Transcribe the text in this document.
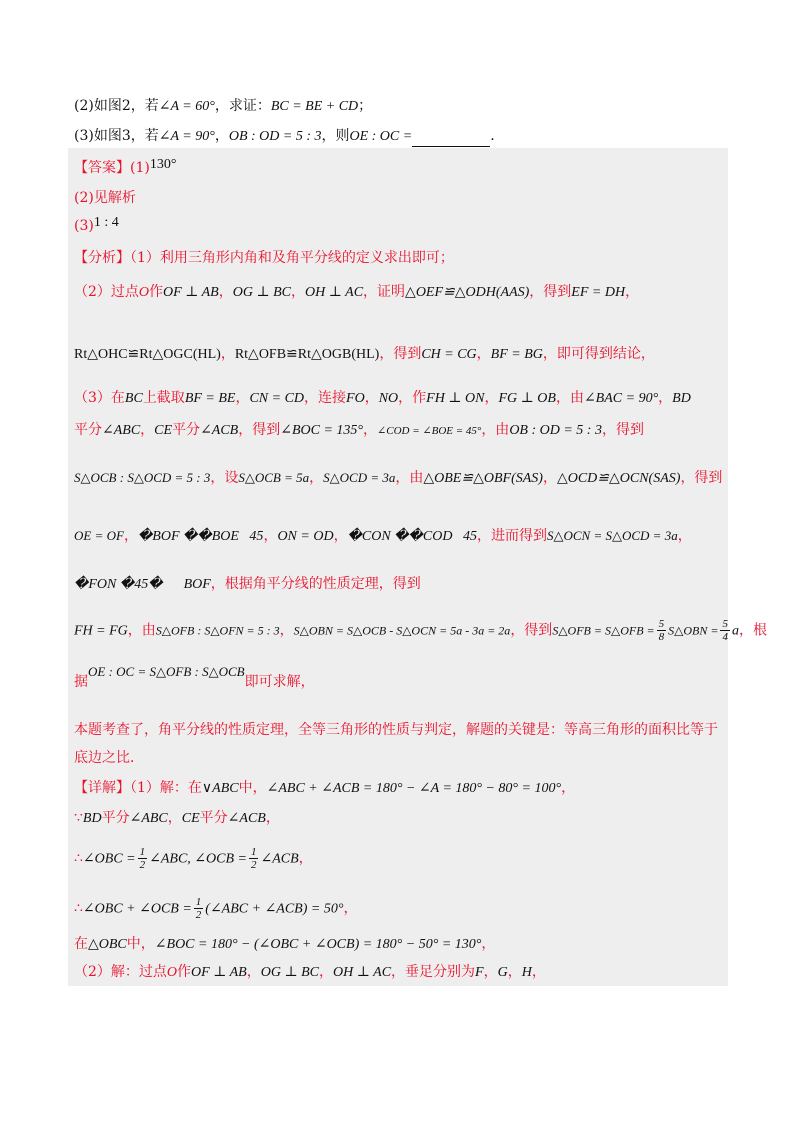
(2)如图2，若∠A = 60°，求证：BC = BE + CD；
(3)如图3，若∠A = 90°，OB : OD = 5 : 3，则OE : OC =	.
【答案】(1)130°
(2)见解析
(3)1 : 4
【分析】（1）利用三角形内角和及角平分线的定义求出即可；
（2）过点O作OF ⊥ AB，OG ⊥ BC，OH ⊥ AC，证明△OEF≌△ODH(AAS)，得到EF = DH，
Rt△OHC≌Rt△OGC(HL)，Rt△OFB≌Rt△OGB(HL)，得到CH = CG，BF = BG，即可得到结论，
（3）在BC上截取BF = BE，CN = CD，连接FO，NO，作FH ⊥ ON，FG ⊥ OB，由∠BAC = 90°，BD
平分∠ABC，CE平分∠ACB，得到∠BOC = 135°，∠COD = ∠BOE = 45°，由OB : OD = 5 : 3，得到
S△OCB : S△OCD = 5 : 3，设S△OCB = 5a，S△OCD = 3a，由△OBE≌△OBF(SAS)，△OCD≌△OCN(SAS)，得到
OE = OF，�BOF ��BOE   45，ON = OD，�CON ��COD   45，进而得到S△OCN = S△OCD = 3a，
�FON �45�      BOF，根据角平分线的性质定理，得到
FH = FG，由S△OFB : S△OFN = 5 : 3，S△OBN = S△OCB - S△OCN = 5a - 3a = 2a，得到S△OFB = S△OFB = $\frac{5}{8}$ S△OBN = $\frac{5}{4}$ a，根
据OE : OC = S△OFB : S△OCB即可求解，
本题考查了，角平分线的性质定理，全等三角形的性质与判定，解题的关键是：等高三角形的面积比等于
底边之比．
【详解】（1）解：在∨ABC中，∠ABC + ∠ACB = 180° − ∠A = 180° − 80° = 100°，
∵BD平分∠ABC，CE平分∠ACB，
∴∠OBC = $\frac{1}{2}$ ∠ABC, ∠OCB = $\frac{1}{2}$ ∠ACB，
∴∠OBC + ∠OCB = $\frac{1}{2}$ (∠ABC + ∠ACB) = 50°，
在△OBC中，∠BOC = 180° − (∠OBC + ∠OCB) = 180° − 50° = 130°，
（2）解：过点O作OF ⊥ AB，OG ⊥ BC，OH ⊥ AC，垂足分别为F，G，H，
